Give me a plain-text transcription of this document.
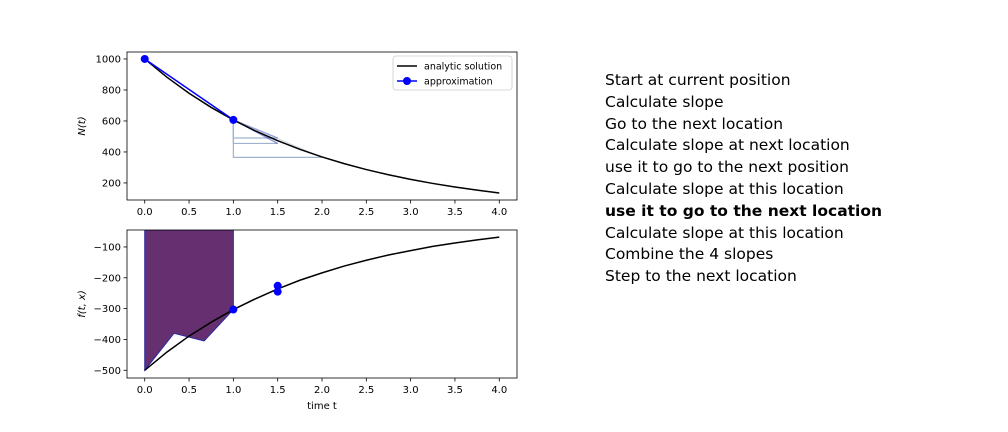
0.0	0.5	1.0	1.5	2.0	2.5	3.0	3.5	4.0
200
400
600
800
1000
N(t)
analytic solution
approximation
0.0	0.5	1.0	1.5	2.0	2.5	3.0	3.5	4.0
−100
−200
−300
−400
−500
f(t, x)
time t
Start at current position
Calculate slope
Go to the next location
Calculate slope at next location
use it to go to the next position
Calculate slope at this location
use it to go to the next location
Calculate slope at this location
Combine the 4 slopes
Step to the next location
